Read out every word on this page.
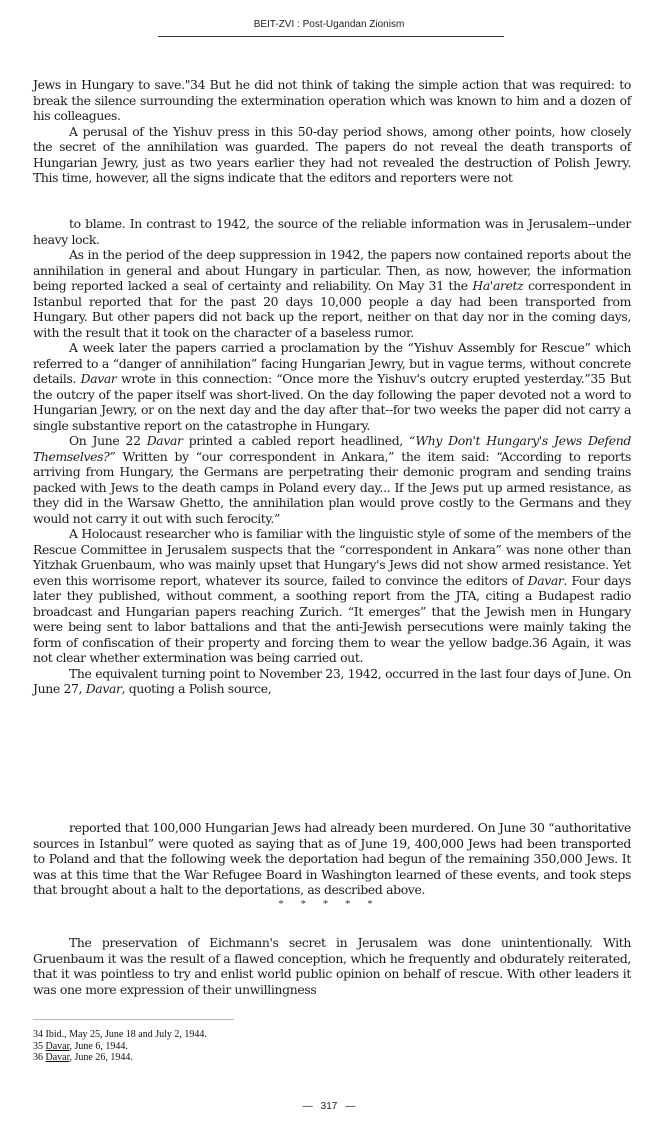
BEIT-ZVI : Post-Ugandan Zionism

Jews in Hungary to save."34 But he did not think of taking the simple action that was required: to break the silence surrounding the extermination operation which was known to him and a dozen of his colleagues.

A perusal of the Yishuv press in this 50-day period shows, among other points, how closely the secret of the annihilation was guarded. The papers do not reveal the death transports of Hungarian Jewry, just as two years earlier they had not revealed the destruction of Polish Jewry. This time, however, all the signs indicate that the editors and reporters were not

to blame. In contrast to 1942, the source of the reliable information was in Jerusalem--under heavy lock.

As in the period of the deep suppression in 1942, the papers now contained reports about the annihilation in general and about Hungary in particular. Then, as now, however, the information being reported lacked a seal of certainty and reliability. On May 31 the Ha'aretz correspondent in Istanbul reported that for the past 20 days 10,000 people a day had been transported from Hungary. But other papers did not back up the report, neither on that day nor in the coming days, with the result that it took on the character of a baseless rumor.

A week later the papers carried a proclamation by the “Yishuv Assembly for Rescue” which referred to a “danger of annihilation” facing Hungarian Jewry, but in vague terms, without concrete details. Davar wrote in this connection: “Once more the Yishuv's outcry erupted yesterday.”35 But the outcry of the paper itself was short-lived. On the day following the paper devoted not a word to Hungarian Jewry, or on the next day and the day after that--for two weeks the paper did not carry a single substantive report on the catastrophe in Hungary.

On June 22 Davar printed a cabled report headlined, “Why Don't Hungary's Jews Defend Themselves?” Written by “our correspondent in Ankara,” the item said: “According to reports arriving from Hungary, the Germans are perpetrating their demonic program and sending trains packed with Jews to the death camps in Poland every day... If the Jews put up armed resistance, as they did in the Warsaw Ghetto, the annihilation plan would prove costly to the Germans and they would not carry it out with such ferocity.”

A Holocaust researcher who is familiar with the linguistic style of some of the members of the Rescue Committee in Jerusalem suspects that the “correspondent in Ankara” was none other than Yitzhak Gruenbaum, who was mainly upset that Hungary's Jews did not show armed resistance. Yet even this worrisome report, whatever its source, failed to convince the editors of Davar. Four days later they published, without comment, a soothing report from the JTA, citing a Budapest radio broadcast and Hungarian papers reaching Zurich. “It emerges” that the Jewish men in Hungary were being sent to labor battalions and that the anti-Jewish persecutions were mainly taking the form of confiscation of their property and forcing them to wear the yellow badge.36 Again, it was not clear whether extermination was being carried out.

The equivalent turning point to November 23, 1942, occurred in the last four days of June. On June 27, Davar, quoting a Polish source,

reported that 100,000 Hungarian Jews had already been murdered. On June 30 “authoritative sources in Istanbul” were quoted as saying that as of June 19, 400,000 Jews had been transported to Poland and that the following week the deportation had begun of the remaining 350,000 Jews. It was at this time that the War Refugee Board in Washington learned of these events, and took steps that brought about a halt to the deportations, as described above.

* * * * *

The preservation of Eichmann's secret in Jerusalem was done unintentionally. With Gruenbaum it was the result of a flawed conception, which he frequently and obdurately reiterated, that it was pointless to try and enlist world public opinion on behalf of rescue. With other leaders it was one more expression of their unwillingness

34 Ibid., May 25, June 18 and July 2, 1944.
35 Davar, June 6, 1944.
36 Davar, June 26, 1944.
— 317 —
